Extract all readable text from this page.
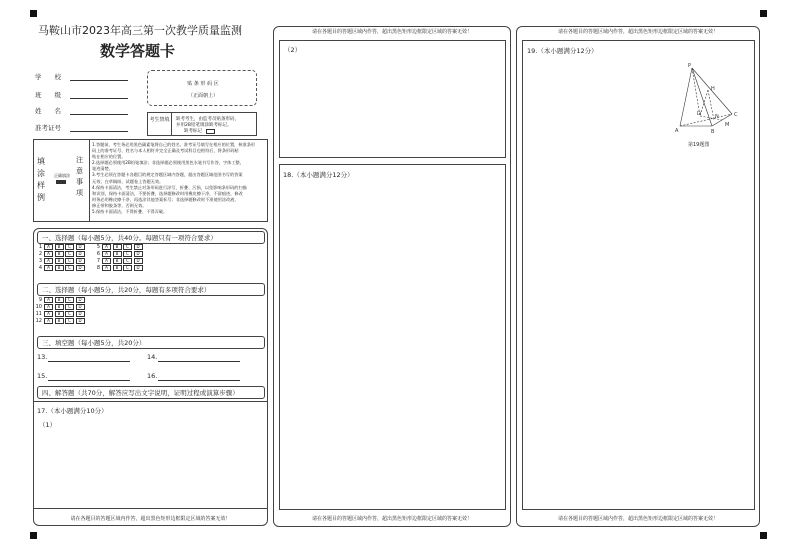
马鞍山市2023年高三第一次教学质量监测
数学答题卡
学　　校
班　　级
姓　　名
准考证号
贴 条 形 码 区
（正面朝上）
考生禁填	缺考考生，由监考员贴条形码，
并用2B铅笔填涂缺考标记。
缺考标记
填涂样例
正确填涂
注意事项
1.答题前，考生务必用黑色碳素笔将自己的姓名、准考证号填写在相应的位置，核准条形
码上的准考证号、姓名与本人相符并完全正确及考试科目也相符后，将条形码粘
贴在相应的位置。
2.选择题必须使用2B铅笔填涂；非选择题必须使用黑色水笔书写作答，字体工整，
笔迹清楚。
3.考生必须在答题卡各题目的规定答题区域内答题，超出答题区域范围书写的答案
无效；在草稿纸、试题卷上答题无效。
4.保持卡面清洁，考生禁止对条形码进行涂写、折叠、污损，以免影响条形码的扫描
和识别，保持卡面清洁，不要折叠，选择题修改时用橡皮擦干净，不留痕迹，修改
时务必用橡皮擦干净，再选涂其他答案标号；非选择题修改时不准使用涂改液、
修正带和胶条等，否则无效。
5.保持卡面清洁，不得折叠、不得弄破。
一、选择题（每小题5分，共40分。每题只有一项符合要求）
1	A	B	C	D
2	A	B	C	D
3	A	B	C	D
4	A	B	C	D
5	A	B	C	D
6	A	B	C	D
7	A	B	C	D
8	A	B	C	D
二、选择题（每小题5分，共20分，每题有多项符合要求）
9	A	B	C	D
10	A	B	C	D
11	A	B	C	D
12	A	B	C	D
三、填空题（每小题5分，共20分）
13.	14.
15.	16.
四、解答题（共70分，解答应写出文字说明，证明过程或演算步骤）
17.（本小题满分10分）
（1）
请在各题目的答题区域内作答，超出黑色矩形边框限定区域的答案无效！
请在各题目的答题区域内作答，超出黑色矩形边框限定区域的答案无效！
（2）
18.（本小题满分12分）
请在各题目的答题区域内作答，超出黑色矩形边框限定区域的答案无效！
请在各题目的答题区域内作答，超出黑色矩形边框限定区域的答案无效！
19.（本小题满分12分）
P
H
A	B
C
M
D	N
第19题图
请在各题目的答题区域内作答，超出黑色矩形边框限定区域的答案无效！
